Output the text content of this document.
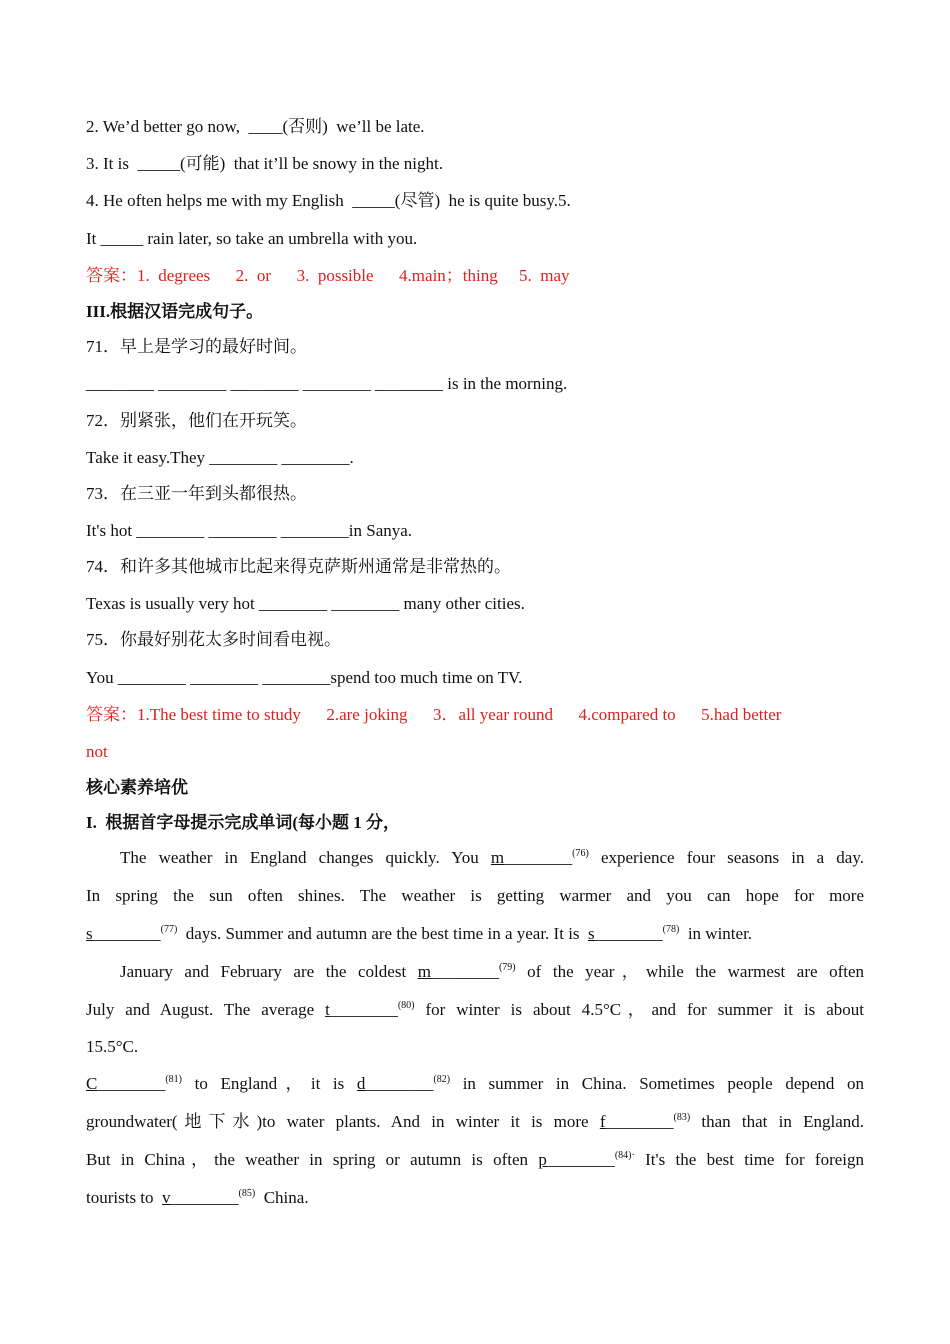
2. We’d better go now,  ____(否则)  we’ll be late.
3. It is  _____(可能)  that it’ll be snowy in the night.
4. He often helps me with my English  _____(尽管)  he is quite busy.5.
It _____ rain later, so take an umbrella with you.
答案：1.  degrees      2.  or      3.  possible      4.main；thing     5.  may
III.根据汉语完成句子。
71．早上是学习的最好时间。
________ ________ ________ ________ ________ is in the morning.
72．别紧张，他们在开玩笑。
Take it easy.They ________ ________.
73．在三亚一年到头都很热。
It's hot ________ ________ ________in Sanya.
74．和许多其他城市比起来得克萨斯州通常是非常热的。
Texas is usually very hot ________ ________ many other cities.
75．你最好别花太多时间看电视。
You ________ ________ ________spend too much time on TV.
答案：1.The best time to study      2.are joking      3．all year round      4.compared to      5.had better
not
核心素养培优
I.  根据首字母提示完成单词(每小题 1 分，
The weather in England changes quickly. You m________$^{(76)}$ experience four seasons in a day.
In spring the sun often shines. The weather is getting warmer and you can hope for more
s________$^{(77)}$ days. Summer and autumn are the best time in a year. It is s________$^{(78)}$ in winter.
January and February are the coldest m________$^{(79)}$ of the year，while the warmest are often
July and August. The average t________$^{(80)}$ for winter is about 4.5°C，and for summer it is about
15.5°C.
C________$^{(81)}$ to England，it is d________$^{(82)}$ in summer in China. Sometimes people depend on
groundwater(地下水)to water plants. And in winter it is more f________$^{(83)}$ than that in England.
But in China，the weather in spring or autumn is often p________$^{(84)\cdot}$ It's the best time for foreign
tourists to v________$^{(85)}$ China.
